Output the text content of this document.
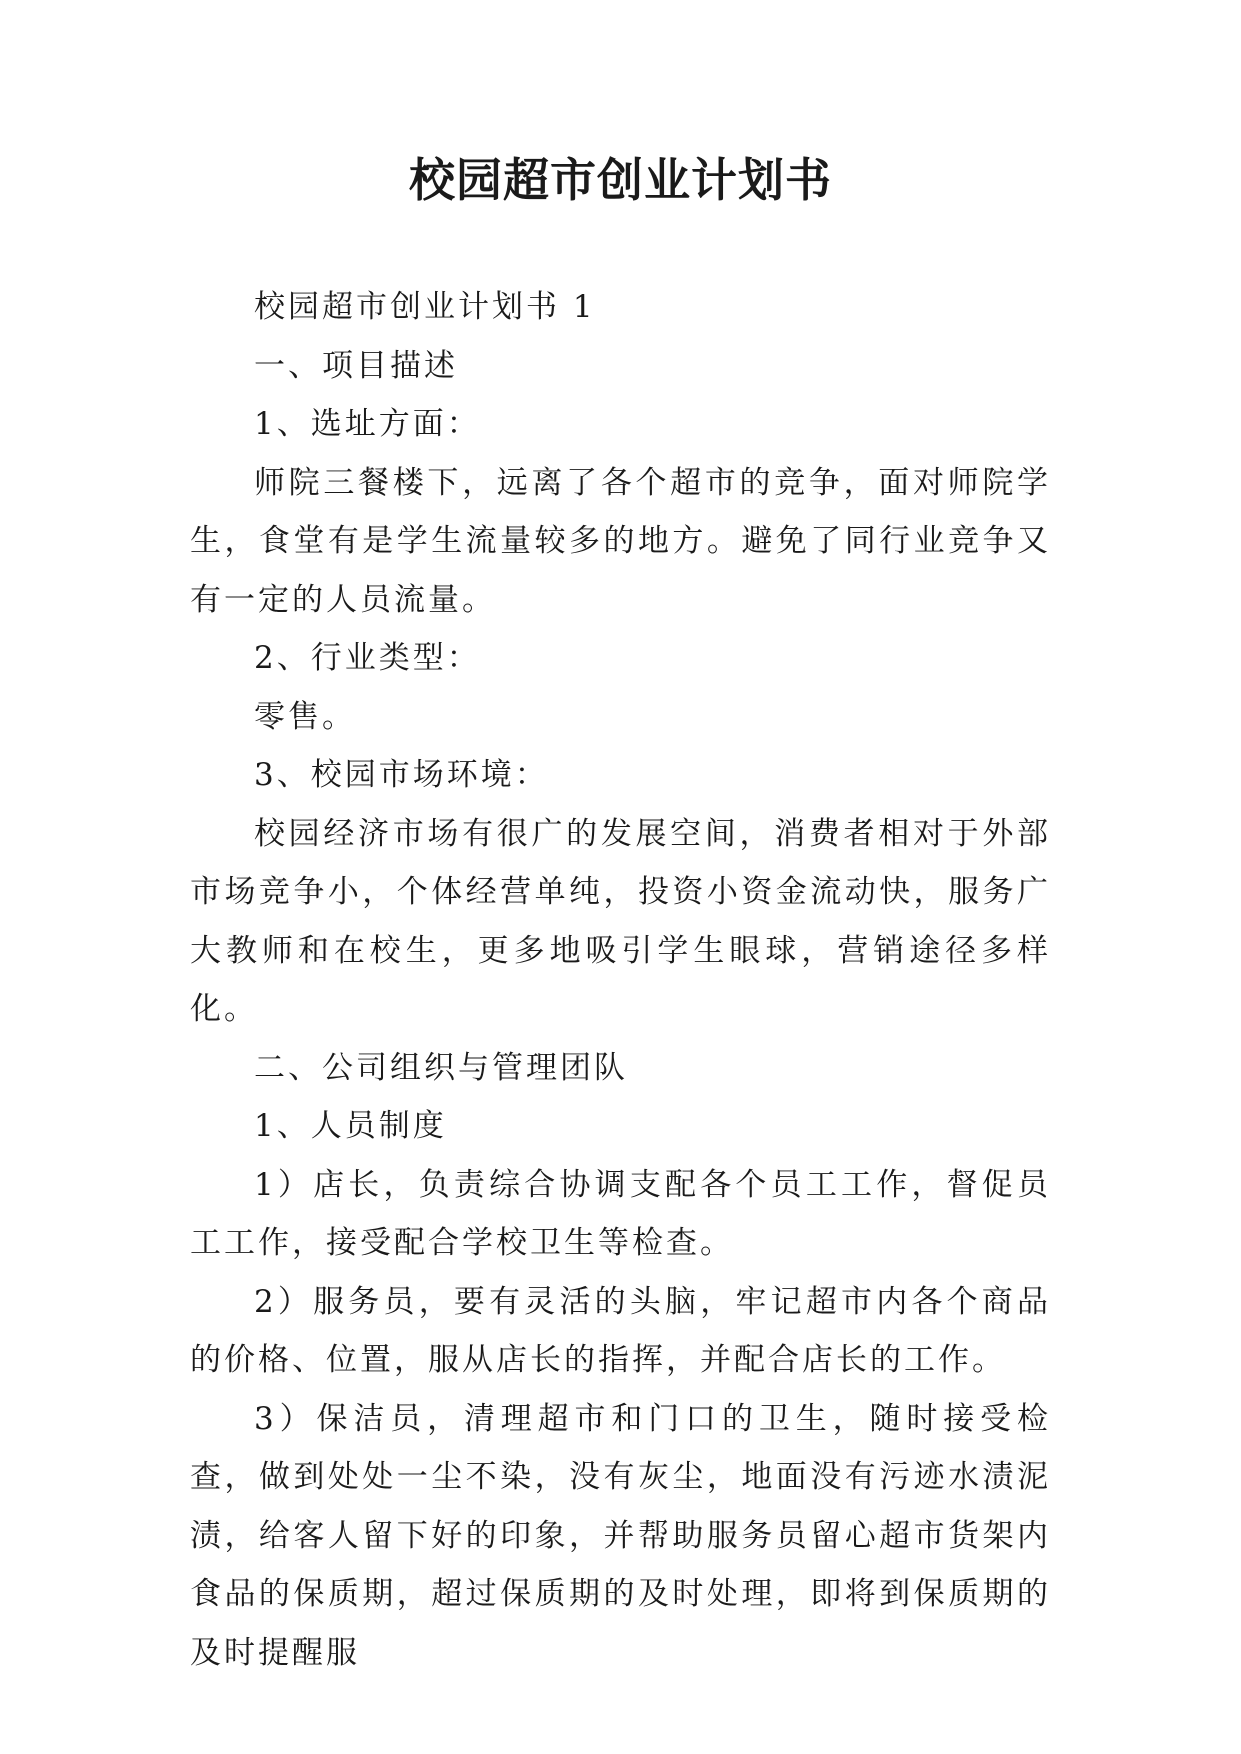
校园超市创业计划书

校园超市创业计划书 1

一、项目描述

1、选址方面：

师院三餐楼下，远离了各个超市的竞争，面对师院学生，食堂有是学生流量较多的地方。避免了同行业竞争又有一定的人员流量。

2、行业类型：

零售。

3、校园市场环境：

校园经济市场有很广的发展空间，消费者相对于外部市场竞争小，个体经营单纯，投资小资金流动快，服务广大教师和在校生，更多地吸引学生眼球，营销途径多样化。

二、公司组织与管理团队

1、人员制度

1）店长，负责综合协调支配各个员工工作，督促员工工作，接受配合学校卫生等检查。

2）服务员，要有灵活的头脑，牢记超市内各个商品的价格、位置，服从店长的指挥，并配合店长的工作。

3）保洁员，清理超市和门口的卫生，随时接受检查，做到处处一尘不染，没有灰尘，地面没有污迹水渍泥渍，给客人留下好的印象，并帮助服务员留心超市货架内食品的保质期，超过保质期的及时处理，即将到保质期的及时提醒服
